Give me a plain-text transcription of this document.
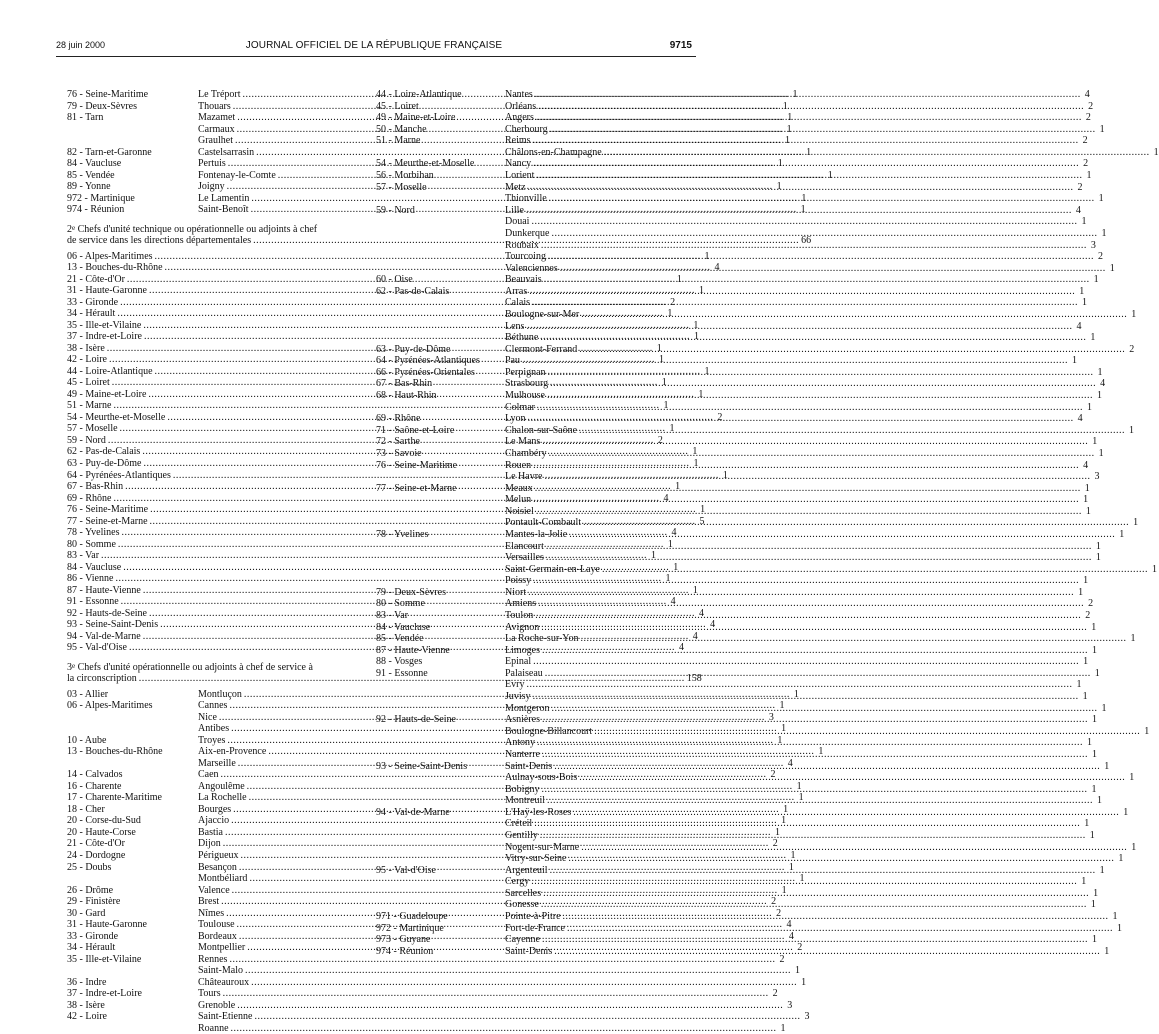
28 juin 2000	JOURNAL OFFICIEL DE LA RÉPUBLIQUE FRANÇAISE	9715
76 - Seine-Maritime	Le Tréport .....	1
79 - Deux-Sèvres	Thouars .....	1
81 - Tarn	Mazamet .....	1
Carmaux .....	1
Graulhet .....	1
82 - Tarn-et-Garonne	Castelsarrasin .....	1
84 - Vaucluse	Pertuis .....	1
85 - Vendée	Fontenay-le-Comte .....	1
89 - Yonne	Joigny .....	1
972 - Martinique	Le Lamentin .....	1
974 - Réunion	Saint-Benoît .....	1
2e Chefs d'unité technique ou opérationnelle ou adjoints à chef
de service dans les directions départementales .....	66
06 - Alpes-Maritimes .....	1
13 - Bouches-du-Rhône .....	4
21 - Côte-d'Or .....	1
31 - Haute-Garonne .....	1
33 - Gironde .....	2
34 - Hérault .....	1
35 - Ille-et-Vilaine .....	1
37 - Indre-et-Loire .....	1
38 - Isère .....	1
42 - Loire .....	1
44 - Loire-Atlantique .....	1
45 - Loiret .....	1
49 - Maine-et-Loire .....	1
51 - Marne .....	1
54 - Meurthe-et-Moselle .....	2
57 - Moselle .....	1
59 - Nord .....	2
62 - Pas-de-Calais .....	1
63 - Puy-de-Dôme .....	1
64 - Pyrénées-Atlantiques .....	1
67 - Bas-Rhin .....	1
69 - Rhône .....	4
76 - Seine-Maritime .....	1
77 - Seine-et-Marne .....	5
78 - Yvelines .....	4
80 - Somme .....	1
83 - Var .....	1
84 - Vaucluse .....	1
86 - Vienne .....	1
87 - Haute-Vienne .....	1
91 - Essonne .....	4
92 - Hauts-de-Seine .....	4
93 - Seine-Saint-Denis .....	4
94 - Val-de-Marne .....	4
95 - Val-d'Oise .....	4
3e Chefs d'unité opérationnelle ou adjoints à chef de service à
la circonscription .....	158
03 - Allier	Montluçon .....	1
06 - Alpes-Maritimes	Cannes .....	1
Nice .....	3
Antibes .....	1
10 - Aube	Troyes .....	1
13 - Bouches-du-Rhône	Aix-en-Provence .....	1
Marseille .....	4
14 - Calvados	Caen .....	2
16 - Charente	Angoulême .....	1
17 - Charente-Maritime	La Rochelle .....	1
18 - Cher	Bourges .....	1
20 - Corse-du-Sud	Ajaccio .....	1
20 - Haute-Corse	Bastia .....	1
21 - Côte-d'Or	Dijon .....	2
24 - Dordogne	Périgueux .....	1
25 - Doubs	Besançon .....	1
Montbéliard .....	1
26 - Drôme	Valence .....	1
29 - Finistère	Brest .....	2
30 - Gard	Nîmes .....	2
31 - Haute-Garonne	Toulouse .....	4
33 - Gironde	Bordeaux .....	4
34 - Hérault	Montpellier .....	2
35 - Ille-et-Vilaine	Rennes .....	2
Saint-Malo .....	1
36 - Indre	Châteauroux .....	1
37 - Indre-et-Loire	Tours .....	2
38 - Isère	Grenoble .....	3
42 - Loire	Saint-Etienne .....	3
Roanne .....	1
44 - Loire-Atlantique	Nantes .....	4
45 - Loiret	Orléans .....	2
49 - Maine-et-Loire	Angers .....	2
50 - Manche	Cherbourg .....	1
51 - Marne	Reims .....	2
Châlons-en-Champagne .....	1
54 - Meurthe-et-Moselle	Nancy .....	2
56 - Morbihan	Lorient .....	1
57 - Moselle	Metz .....	2
Thionville .....	1
59 - Nord	Lille .....	4
Douai .....	1
Dunkerque .....	1
Roubaix .....	3
Tourcoing .....	2
Valenciennes .....	1
60 - Oise	Beauvais .....	1
62 - Pas-de-Calais	Arras .....	1
Calais .....	1
Boulogne-sur-Mer .....	1
Lens .....	4
Béthune .....	1
63 - Puy-de-Dôme	Clermont-Ferrand .....	2
64 - Pyrénées-Atlantiques	Pau .....	1
66 - Pyrénées-Orientales	Perpignan .....	1
67 - Bas-Rhin	Strasbourg .....	4
68 - Haut-Rhin	Mulhouse .....	1
Colmar .....	1
69 - Rhône	Lyon .....	4
71 - Saône-et-Loire	Chalon-sur-Saône .....	1
72 - Sarthe	Le Mans .....	1
73 - Savoie	Chambéry .....	1
76 - Seine-Maritime	Rouen .....	4
Le Havre .....	3
77 - Seine-et-Marne	Meaux .....	1
Melun .....	1
Noisiel .....	1
Pontault-Combault .....	1
78 - Yvelines	Mantes-la-Jolie .....	1
Elancourt .....	1
Versailles .....	1
Saint-Germain-en-Laye .....	1
Poissy .....	1
79 - Deux-Sèvres	Niort .....	1
80 - Somme	Amiens .....	2
83 - Var	Toulon .....	2
84 - Vaucluse	Avignon .....	1
85 - Vendée	La Roche-sur-Yon .....	1
87 - Haute-Vienne	Limoges .....	1
88 - Vosges	Epinal .....	1
91 - Essonne	Palaiseau .....	1
Evry .....	1
Juvisy .....	1
Montgeron .....	1
92 - Hauts-de-Seine	Asnières .....	1
Boulogne-Billancourt .....	1
Antony .....	1
Nanterre .....	1
93 - Seine-Saint-Denis	Saint-Denis .....	1
Aulnay-sous-Bois .....	1
Bobigny .....	1
Montreuil .....	1
94 - Val-de-Marne	L'Haÿ-les-Roses .....	1
Créteil .....	1
Gentilly .....	1
Nogent-sur-Marne .....	1
Vitry-sur-Seine .....	1
95 - Val-d'Oise	Argenteuil .....	1
Cergy .....	1
Sarcelles .....	1
Gonesse .....	1
971 - Guadeloupe	Pointe-à-Pitre .....	1
972 - Martinique	Fort-de-France .....	1
973 - Guyane	Cayenne .....	1
974 - Réunion	Saint-Denis .....	1
